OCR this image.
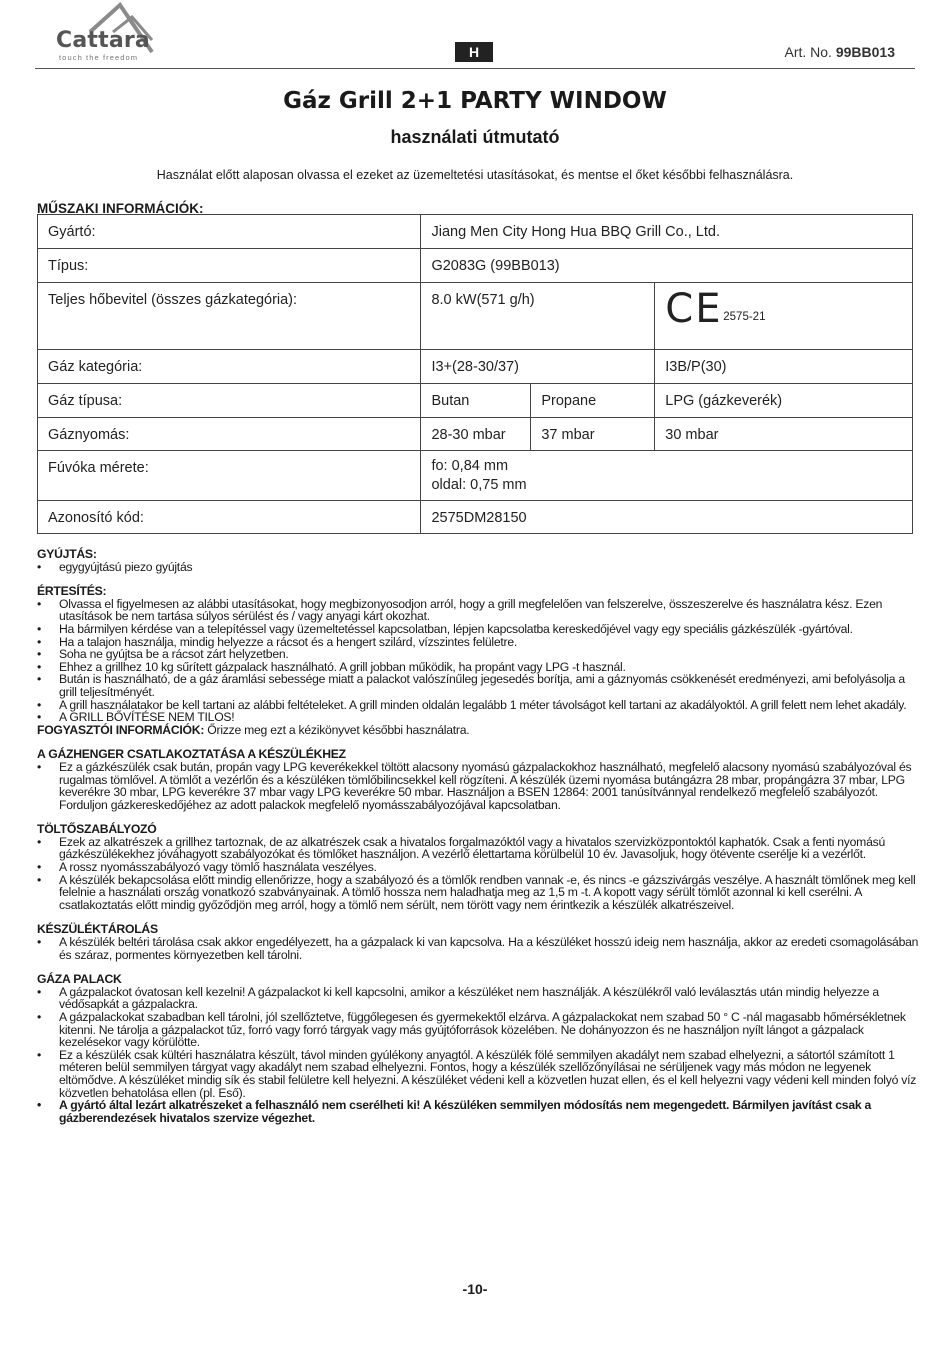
Cattara
touch the freedom	H	Art. No. 99BB013
Gáz Grill 2+1 PARTY WINDOW
használati útmutató
Használat előtt alaposan olvassa el ezeket az üzemeltetési utasításokat, és mentse el őket későbbi felhasználásra.
MŰSZAKI INFORMÁCIÓK:
Gyártó:	Jiang Men City Hong Hua BBQ Grill Co., Ltd.		
Típus:	G2083G (99BB013)		
Teljes hőbevitel (összes gázkategória):	8.0 kW(571 g/h)		CE 2575-21

Gáz kategória:	I3+(28-30/37)		I3B/P(30)
Gáz típusa:	Butan	Propane	LPG (gázkeverék)
Gáznyomás:	28-30 mbar	37 mbar	30 mbar
Fúvóka mérete:	fo: 0,84 mm
oldal: 0,75 mm		

Azonosító kód:	2575DM28150		
GYÚJTÁS:
• egygyújtású piezo gyújtás
ÉRTESÍTÉS:
• Olvassa el figyelmesen az alábbi utasításokat, hogy megbizonyosodjon arról, hogy a grill megfelelően van felszerelve, összeszerelve és használatra kész. Ezen utasítások be nem tartása súlyos sérülést és / vagy anyagi kárt okozhat.
• Ha bármilyen kérdése van a telepítéssel vagy üzemeltetéssel kapcsolatban, lépjen kapcsolatba kereskedőjével vagy egy speciális gázkészülék -gyártóval.
• Ha a talajon használja, mindig helyezze a rácsot és a hengert szilárd, vízszintes felületre.
• Soha ne gyújtsa be a rácsot zárt helyzetben.
• Ehhez a grillhez 10 kg sűrített gázpalack használható. A grill jobban működik, ha propánt vagy LPG -t használ.
• Bután is használható, de a gáz áramlási sebessége miatt a palackot valószínűleg jegesedés borítja, ami a gáznyomás csökkenését eredményezi, ami befolyásolja a grill teljesítményét.
• A grill használatakor be kell tartani az alábbi feltételeket. A grill minden oldalán legalább 1 méter távolságot kell tartani az akadályoktól. A grill felett nem lehet akadály.
• A GRILL BŐVÍTÉSE NEM TILOS!
FOGYASZTÓI INFORMÁCIÓK: Őrizze meg ezt a kézikönyvet későbbi használatra.
A GÁZHENGER CSATLAKOZTATÁSA A KÉSZÜLÉKHEZ
• Ez a gázkészülék csak bután, propán vagy LPG keverékekkel töltött alacsony nyomású gázpalackokhoz használható, megfelelő alacsony nyomású szabályozóval és rugalmas tömlővel. A tömlőt a vezérlőn és a készüléken tömlőbilincsekkel kell rögzíteni. A készülék üzemi nyomása butángázra 28 mbar, propángázra 37 mbar, LPG keverékre 30 mbar, LPG keverékre 37 mbar vagy LPG keverékre 50 mbar. Használjon a BSEN 12864: 2001 tanúsítvánnyal rendelkező megfelelő szabályozót. Forduljon gázkereskedőjéhez az adott palackok megfelelő nyomásszabályozójával kapcsolatban.
TÖLTŐSZABÁLYOZÓ
• Ezek az alkatrészek a grillhez tartoznak, de az alkatrészek csak a hivatalos forgalmazóktól vagy a hivatalos szervizközpontoktól kaphatók. Csak a fenti nyomású gázkészülékekhez jóváhagyott szabályozókat és tömlőket használjon. A vezérlő élettartama körülbelül 10 év. Javasoljuk, hogy ötévente cserélje ki a vezérlőt.
• A rossz nyomásszabályozó vagy tömlő használata veszélyes.
• A készülék bekapcsolása előtt mindig ellenőrizze, hogy a szabályozó és a tömlők rendben vannak -e, és nincs -e gázszivárgás veszélye. A használt tömlőnek meg kell felelnie a használati ország vonatkozó szabványainak. A tömlő hossza nem haladhatja meg az 1,5 m -t. A kopott vagy sérült tömlőt azonnal ki kell cserélni. A csatlakoztatás előtt mindig győződjön meg arról, hogy a tömlő nem sérült, nem törött vagy nem érintkezik a készülék alkatrészeivel.
KÉSZÜLÉKTÁROLÁS
• A készülék beltéri tárolása csak akkor engedélyezett, ha a gázpalack ki van kapcsolva. Ha a készüléket hosszú ideig nem használja, akkor az eredeti csomagolásában és száraz, pormentes környezetben kell tárolni.
GÁZA PALACK
• A gázpalackot óvatosan kell kezelni! A gázpalackot ki kell kapcsolni, amikor a készüléket nem használják. A készülékről való leválasztás után mindig helyezze a védősapkát a gázpalackra.
• A gázpalackokat szabadban kell tárolni, jól szellőztetve, függőlegesen és gyermekektől elzárva. A gázpalackokat nem szabad 50 ° C -nál magasabb hőmérsékletnek kitenni. Ne tárolja a gázpalackot tűz, forró vagy forró tárgyak vagy más gyújtóforrások közelében. Ne dohányozzon és ne használjon nyílt lángot a gázpalack kezelésekor vagy körülötte.
• Ez a készülék csak kültéri használatra készült, távol minden gyúlékony anyagtól. A készülék fölé semmilyen akadályt nem szabad elhelyezni, a sátortól számított 1 méteren belül semmilyen tárgyat vagy akadályt nem szabad elhelyezni. Fontos, hogy a készülék szellőzőnyílásai ne sérüljenek vagy más módon ne legyenek eltömődve. A készüléket mindig sík és stabil felületre kell helyezni. A készüléket védeni kell a közvetlen huzat ellen, és el kell helyezni vagy védeni kell minden folyó víz közvetlen behatolása ellen (pl. Eső).
• A gyártó által lezárt alkatrészeket a felhasználó nem cserélheti ki! A készüléken semmilyen módosítás nem megengedett. Bármilyen javítást csak a gázberendezések hivatalos szervize végezhet.
-10-
